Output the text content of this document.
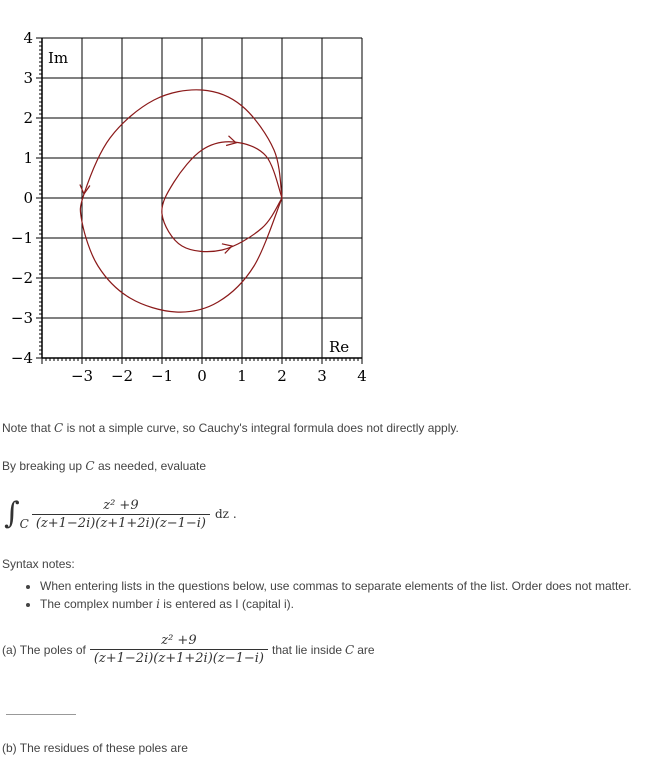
Im
Re
−3 −2 −1 0 1 2 3 4
4
3
2
1
0
−1
−2
−3
−4

Note that C is not a simple curve, so Cauchy's integral formula does not directly apply.

By breaking up C as needed, evaluate

∫ C $\frac{\text{z² +9}}{(z+1-2i)(z+1+2i)(z-1-i)}$ dz .

Syntax notes:

• When entering lists in the questions below, use commas to separate elements of the list. Order does not matter.
• The complex number i is entered as I (capital i).
(a) The poles of $\frac{\text{z² +9}}{(z+1-2i)(z+1+2i)(z-1-i)}$ that lie inside C are

(b) The residues of these poles are
